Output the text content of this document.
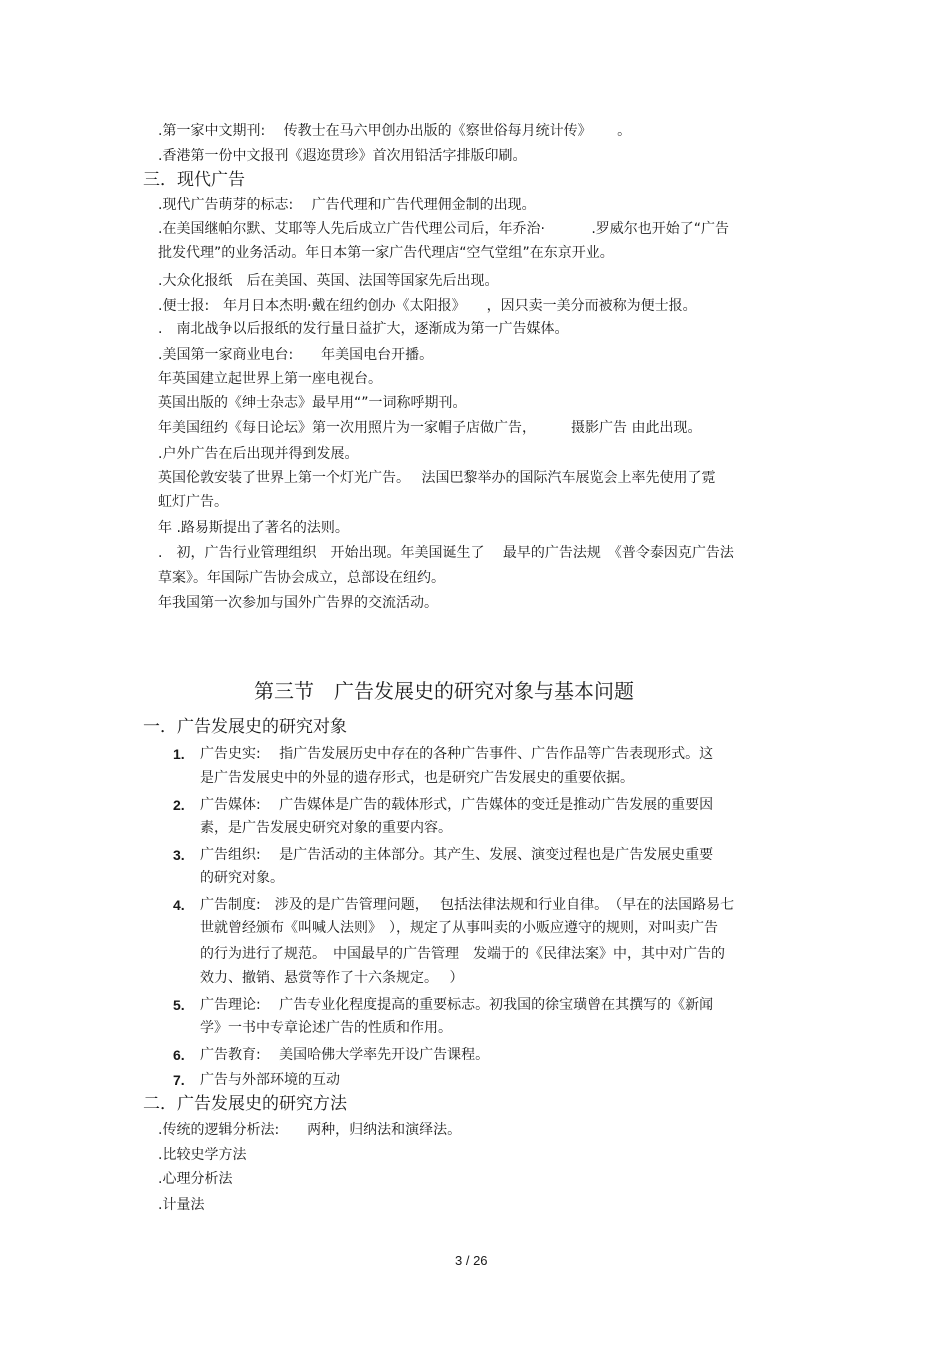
.第一家中文期刊:　 传教士在马六甲创办出版的《察世俗每月统计传》　　 。
.香港第一份中文报刊《遐迩贯珍》首次用铅活字排版印刷。
三．现代广告
.现代广告萌芽的标志:　 广告代理和广告代理佣金制的出现。
.在美国继帕尔默、艾耶等人先后成立广告代理公司后，年乔治·　　　 .罗威尔也开始了“广告
批发代理”的业务活动。年日本第一家广告代理店“空气堂组”在东京开业。
.大众化报纸　后在美国、英国、法国等国家先后出现。
.便士报:　年月日本杰明·戴在纽约创办《太阳报》　　，因只卖一美分而被称为便士报。
.　南北战争以后报纸的发行量日益扩大，逐渐成为第一广告媒体。
.美国第一家商业电台:　　年美国电台开播。
年英国建立起世界上第一座电视台。
英国出版的《绅士杂志》最早用“”一词称呼期刊。
年美国纽约《每日论坛》第一次用照片为一家帽子店做广告，　　　摄影广告 由此出现。
.户外广告在后出现并得到发展。
英国伦敦安装了世界上第一个灯光广告。　 法国巴黎举办的国际汽车展览会上率先使用了霓
虹灯广告。
年 .路易斯提出了著名的法则。
.　初，广告行业管理组织　开始出现。年美国诞生了　 最早的广告法规　《普令泰因克广告法
草案》。年国际广告协会成立，总部设在纽约。
年我国第一次参加与国外广告界的交流活动。
第三节　广告发展史的研究对象与基本问题
一．广告发展史的研究对象
1. 广告史实:　 指广告发展历史中存在的各种广告事件、广告作品等广告表现形式。这
是广告发展史中的外显的遗存形式，也是研究广告发展史的重要依据。
2. 广告媒体:　 广告媒体是广告的载体形式，广告媒体的变迁是推动广告发展的重要因
素，是广告发展史研究对象的重要内容。
3. 广告组织:　 是广告活动的主体部分。其产生、发展、演变过程也是广告发展史重要
的研究对象。
4. 广告制度:　涉及的是广告管理问题，　 包括法律法规和行业自律。　（早在的法国路易七
世就曾经颁布《叫喊人法则》　），规定了从事叫卖的小贩应遵守的规则，对叫卖广告
的行为进行了规范。　中国最早的广告管理　发端于的《民律法案》中，其中对广告的
效力、撤销、悬赏等作了十六条规定。　 ）
5. 广告理论:　 广告专业化程度提高的重要标志。初我国的徐宝璜曾在其撰写的《新闻
学》一书中专章论述广告的性质和作用。
6. 广告教育:　 美国哈佛大学率先开设广告课程。
7. 广告与外部环境的互动
二．广告发展史的研究方法
.传统的逻辑分析法:　　两种，归纳法和演绎法。
.比较史学方法
.心理分析法
.计量法
3 / 26
